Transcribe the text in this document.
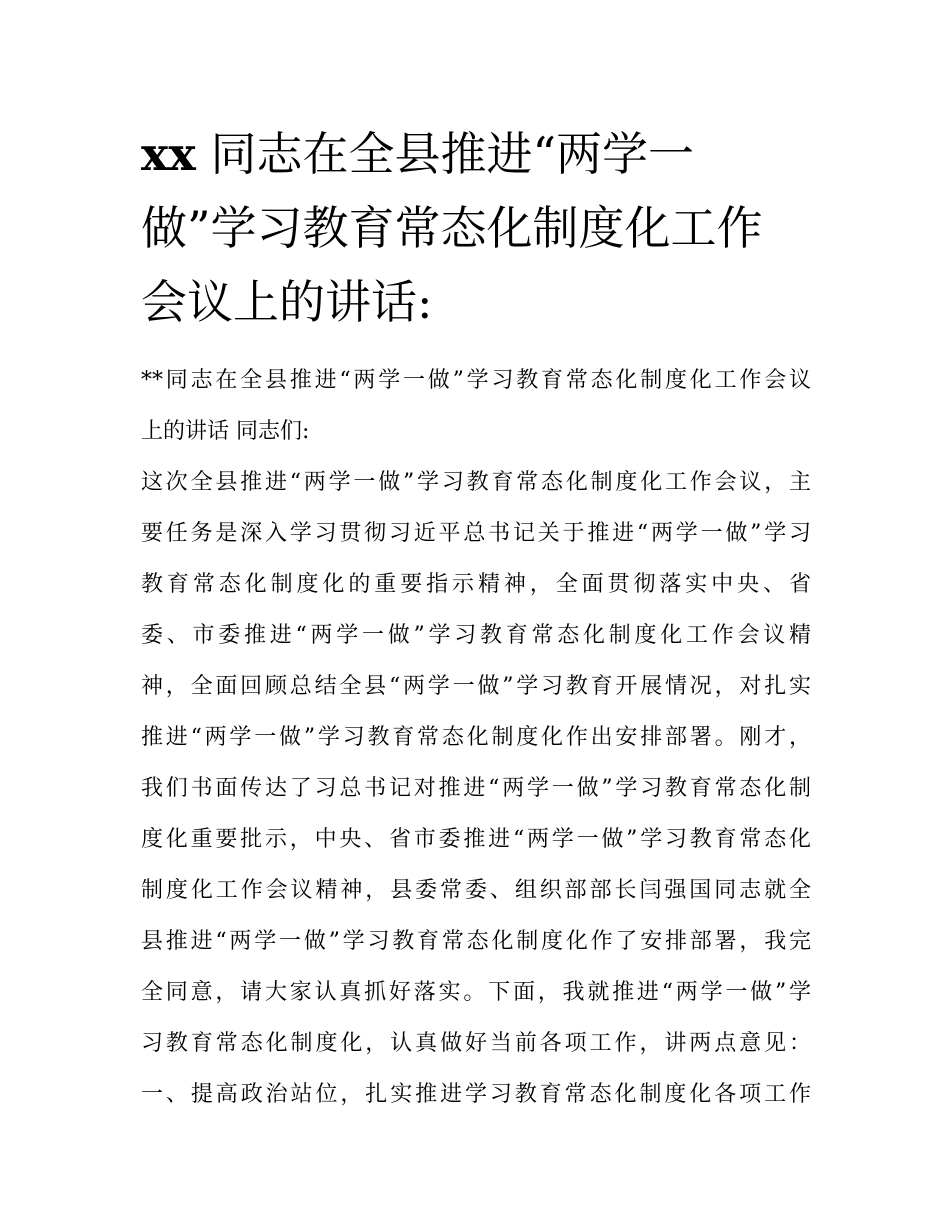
xx 同志在全县推进“两学一
做”学习教育常态化制度化工作
会议上的讲话:
**同志在全县推进“两学一做”学习教育常态化制度化工作会议
上的讲话 同志们:
这次全县推进“两学一做”学习教育常态化制度化工作会议，主
要任务是深入学习贯彻习近平总书记关于推进“两学一做”学习
教育常态化制度化的重要指示精神，全面贯彻落实中央、省
委、市委推进“两学一做”学习教育常态化制度化工作会议精
神，全面回顾总结全县“两学一做”学习教育开展情况，对扎实
推进“两学一做”学习教育常态化制度化作出安排部署。刚才，
我们书面传达了习总书记对推进“两学一做”学习教育常态化制
度化重要批示，中央、省市委推进“两学一做”学习教育常态化
制度化工作会议精神，县委常委、组织部部长闫强国同志就全
县推进“两学一做”学习教育常态化制度化作了安排部署，我完
全同意，请大家认真抓好落实。下面，我就推进“两学一做”学
习教育常态化制度化，认真做好当前各项工作，讲两点意见：
一、提高政治站位，扎实推进学习教育常态化制度化各项工作
